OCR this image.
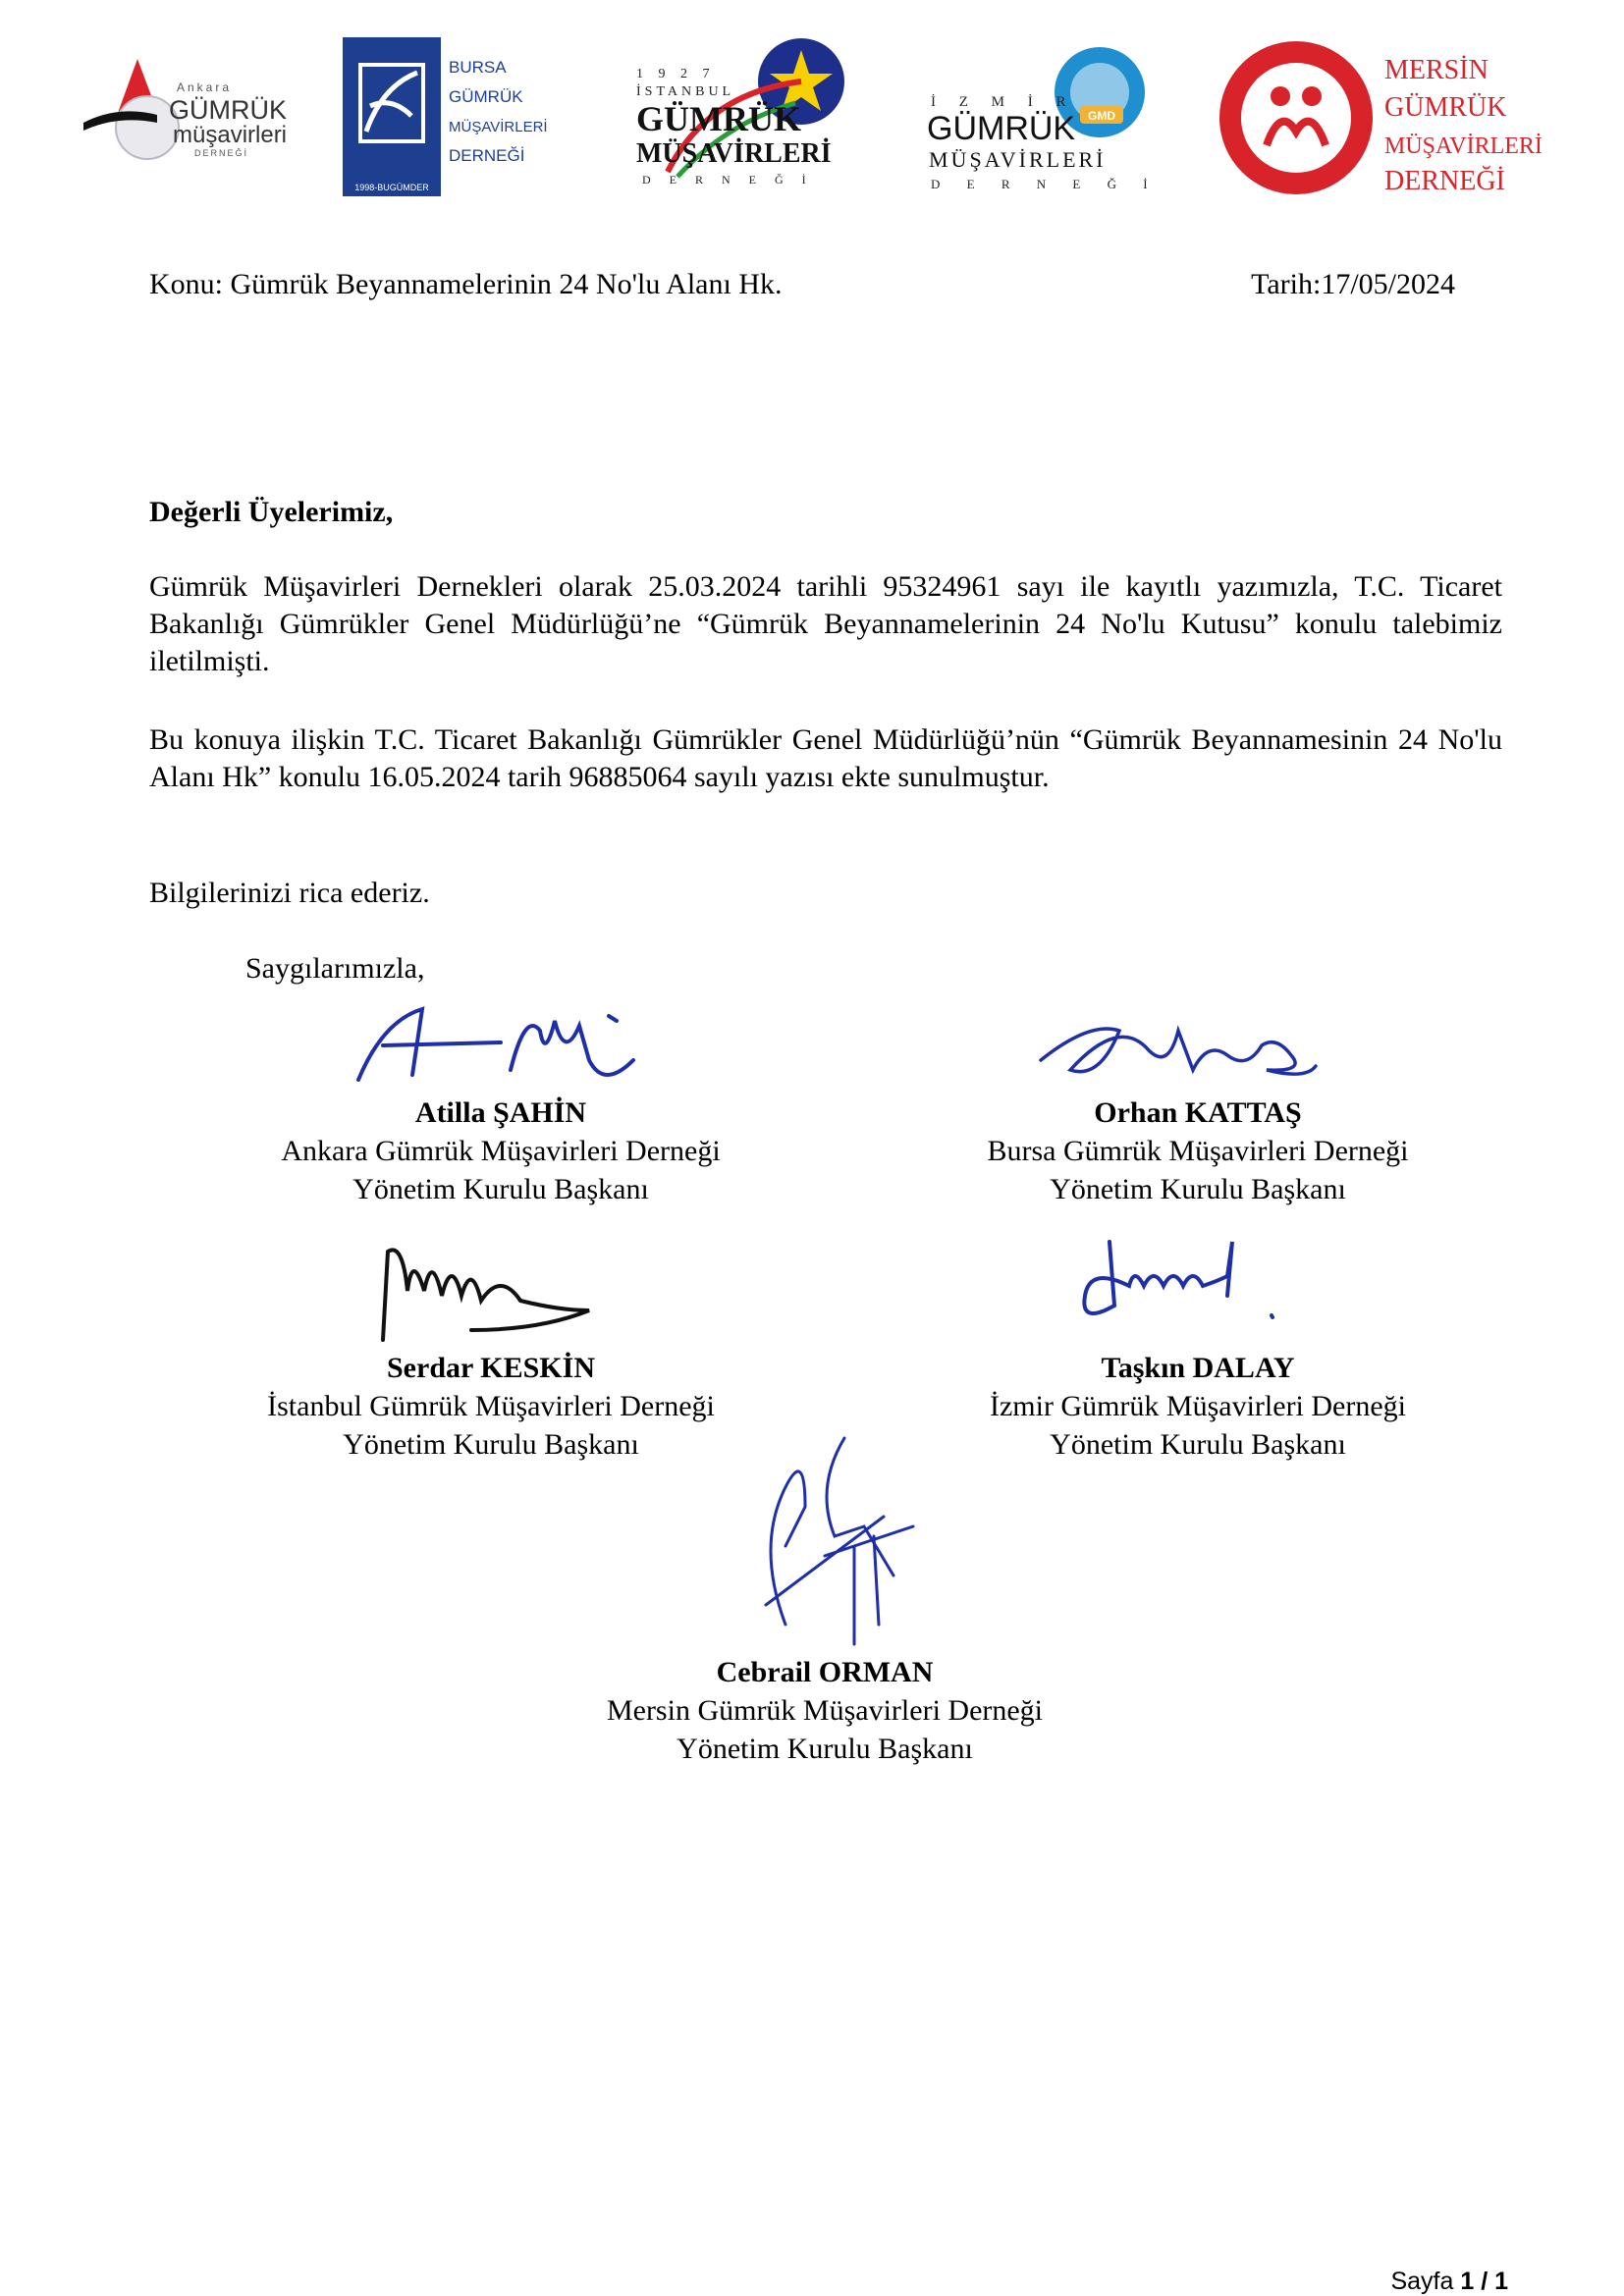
Ankara
GÜMRÜK
müşavirleri
DERNEĞİ
1998-BUGÜMDER
BURSA
GÜMRÜK
MÜŞAVİRLERİ
DERNEĞİ
1 9 2 7
İSTANBUL
GÜMRÜK
MÜŞAVİRLERİ
D E R N E Ğ İ
GMD
İ Z M İ R
GÜMRÜK
MÜŞAVİRLERİ
D E R N E Ğ İ
MERSİN
GÜMRÜK
MÜŞAVİRLERİ
DERNEĞİ
Konu: Gümrük Beyannamelerinin 24 No'lu Alanı Hk.	Tarih:17/05/2024
Değerli Üyelerimiz,

Gümrük Müşavirleri Dernekleri olarak 25.03.2024 tarihli 95324961 sayı ile kayıtlı yazımızla, T.C. Ticaret Bakanlığı Gümrükler Genel Müdürlüğü’ne “Gümrük Beyannamelerinin 24 No'lu Kutusu” konulu talebimiz iletilmişti.

Bu konuya ilişkin T.C. Ticaret Bakanlığı Gümrükler Genel Müdürlüğü’nün “Gümrük Beyannamesinin 24 No'lu Alanı Hk” konulu 16.05.2024 tarih 96885064 sayılı yazısı ekte sunulmuştur.

Bilgilerinizi rica ederiz.

Saygılarımızla,
Atilla ŞAHİN
Ankara Gümrük Müşavirleri Derneği
Yönetim Kurulu Başkanı
Orhan KATTAŞ
Bursa Gümrük Müşavirleri Derneği
Yönetim Kurulu Başkanı
Serdar KESKİN
İstanbul Gümrük Müşavirleri Derneği
Yönetim Kurulu Başkanı
Taşkın DALAY
İzmir Gümrük Müşavirleri Derneği
Yönetim Kurulu Başkanı
Cebrail ORMAN
Mersin Gümrük Müşavirleri Derneği
Yönetim Kurulu Başkanı
Sayfa 1 / 1
